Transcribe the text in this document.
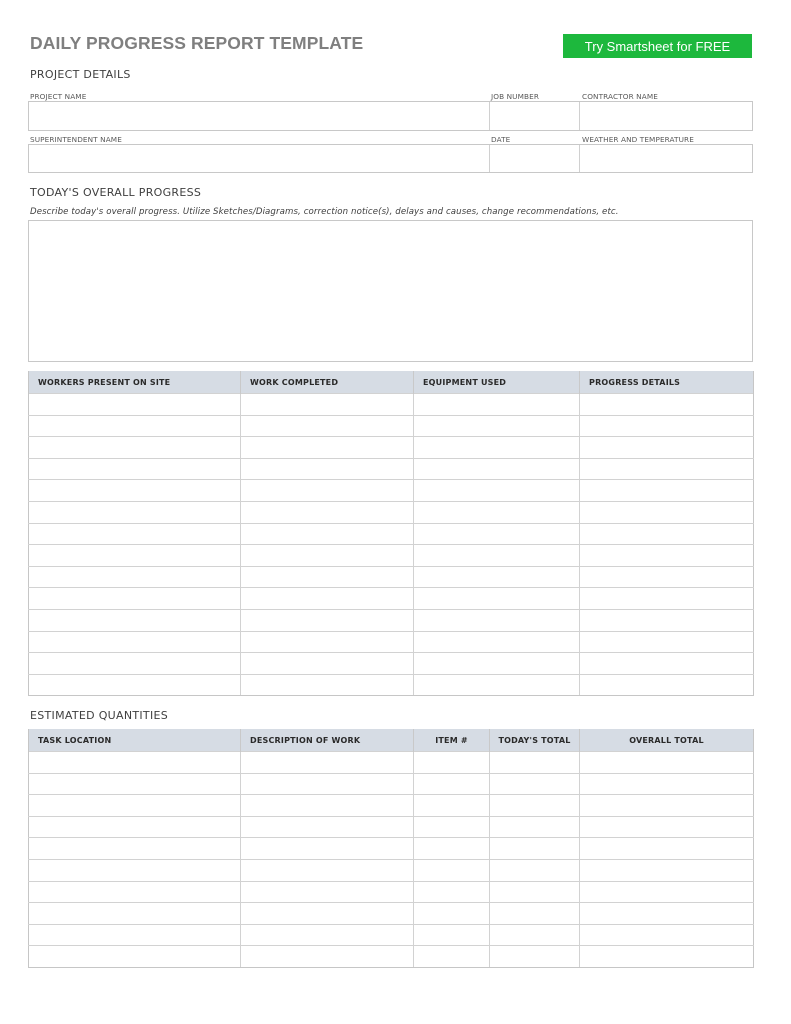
DAILY PROGRESS REPORT TEMPLATE	Try Smartsheet for FREE
PROJECT DETAILS
PROJECT NAME	JOB NUMBER	CONTRACTOR NAME
SUPERINTENDENT NAME	DATE	WEATHER AND TEMPERATURE
TODAY'S OVERALL PROGRESS
Describe today's overall progress. Utilize Sketches/Diagrams, correction notice(s), delays and causes, change recommendations, etc.
WORKERS PRESENT ON SITE	WORK COMPLETED	EQUIPMENT USED	PROGRESS DETAILS

ESTIMATED QUANTITIES
TASK LOCATION	DESCRIPTION OF WORK	ITEM #	TODAY'S TOTAL	OVERALL TOTAL
